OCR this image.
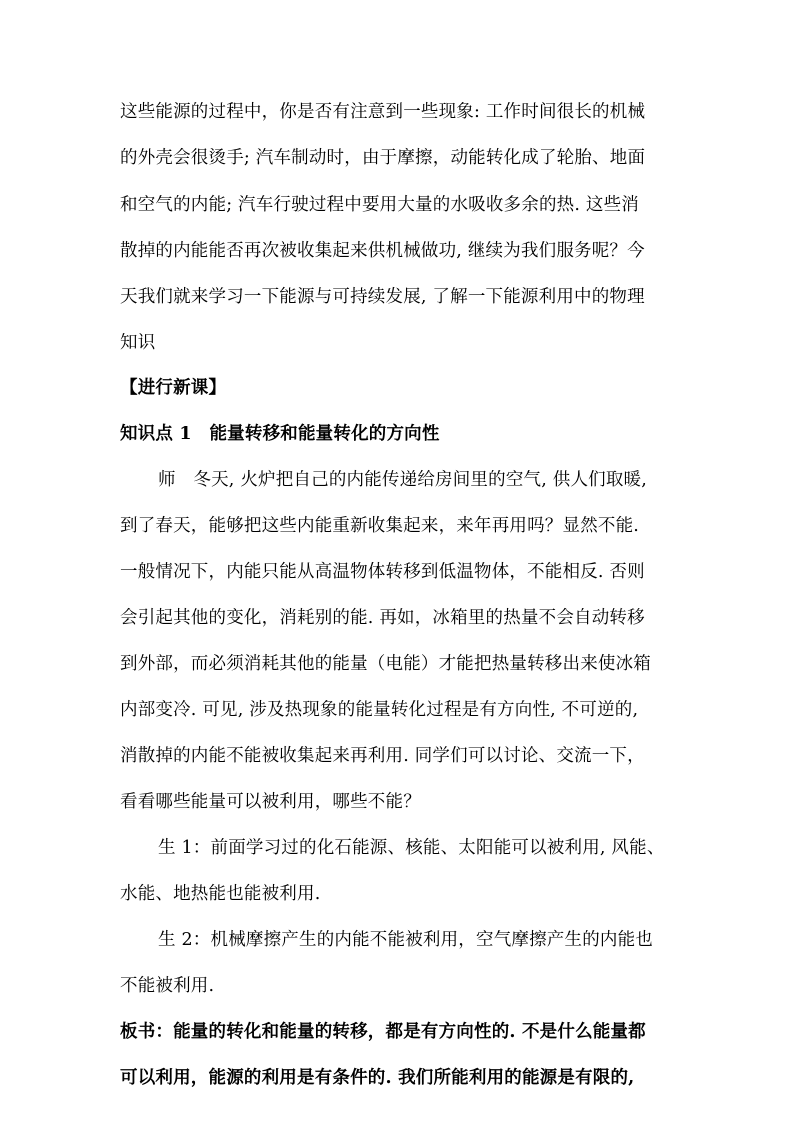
这些能源的过程中，你是否有注意到一些现象: 工作时间很长的机械
的外壳会很烫手; 汽车制动时，由于摩擦，动能转化成了轮胎、地面
和空气的内能; 汽车行驶过程中要用大量的水吸收多余的热. 这些消
散掉的内能能否再次被收集起来供机械做功, 继续为我们服务呢？今
天我们就来学习一下能源与可持续发展, 了解一下能源利用中的物理
知识
【进行新课】
知识点 1　能量转移和能量转化的方向性
师　冬天, 火炉把自己的内能传递给房间里的空气, 供人们取暖,
到了春天，能够把这些内能重新收集起来，来年再用吗？显然不能.
一般情况下，内能只能从高温物体转移到低温物体，不能相反. 否则
会引起其他的变化，消耗别的能. 再如，冰箱里的热量不会自动转移
到外部，而必须消耗其他的能量（电能）才能把热量转移出来使冰箱
内部变冷. 可见, 涉及热现象的能量转化过程是有方向性, 不可逆的,
消散掉的内能不能被收集起来再利用. 同学们可以讨论、交流一下，
看看哪些能量可以被利用，哪些不能？
生 1：前面学习过的化石能源、核能、太阳能可以被利用, 风能、
水能、地热能也能被利用.
生 2：机械摩擦产生的内能不能被利用，空气摩擦产生的内能也
不能被利用.
板书：能量的转化和能量的转移，都是有方向性的. 不是什么能量都
可以利用，能源的利用是有条件的. 我们所能利用的能源是有限的,
